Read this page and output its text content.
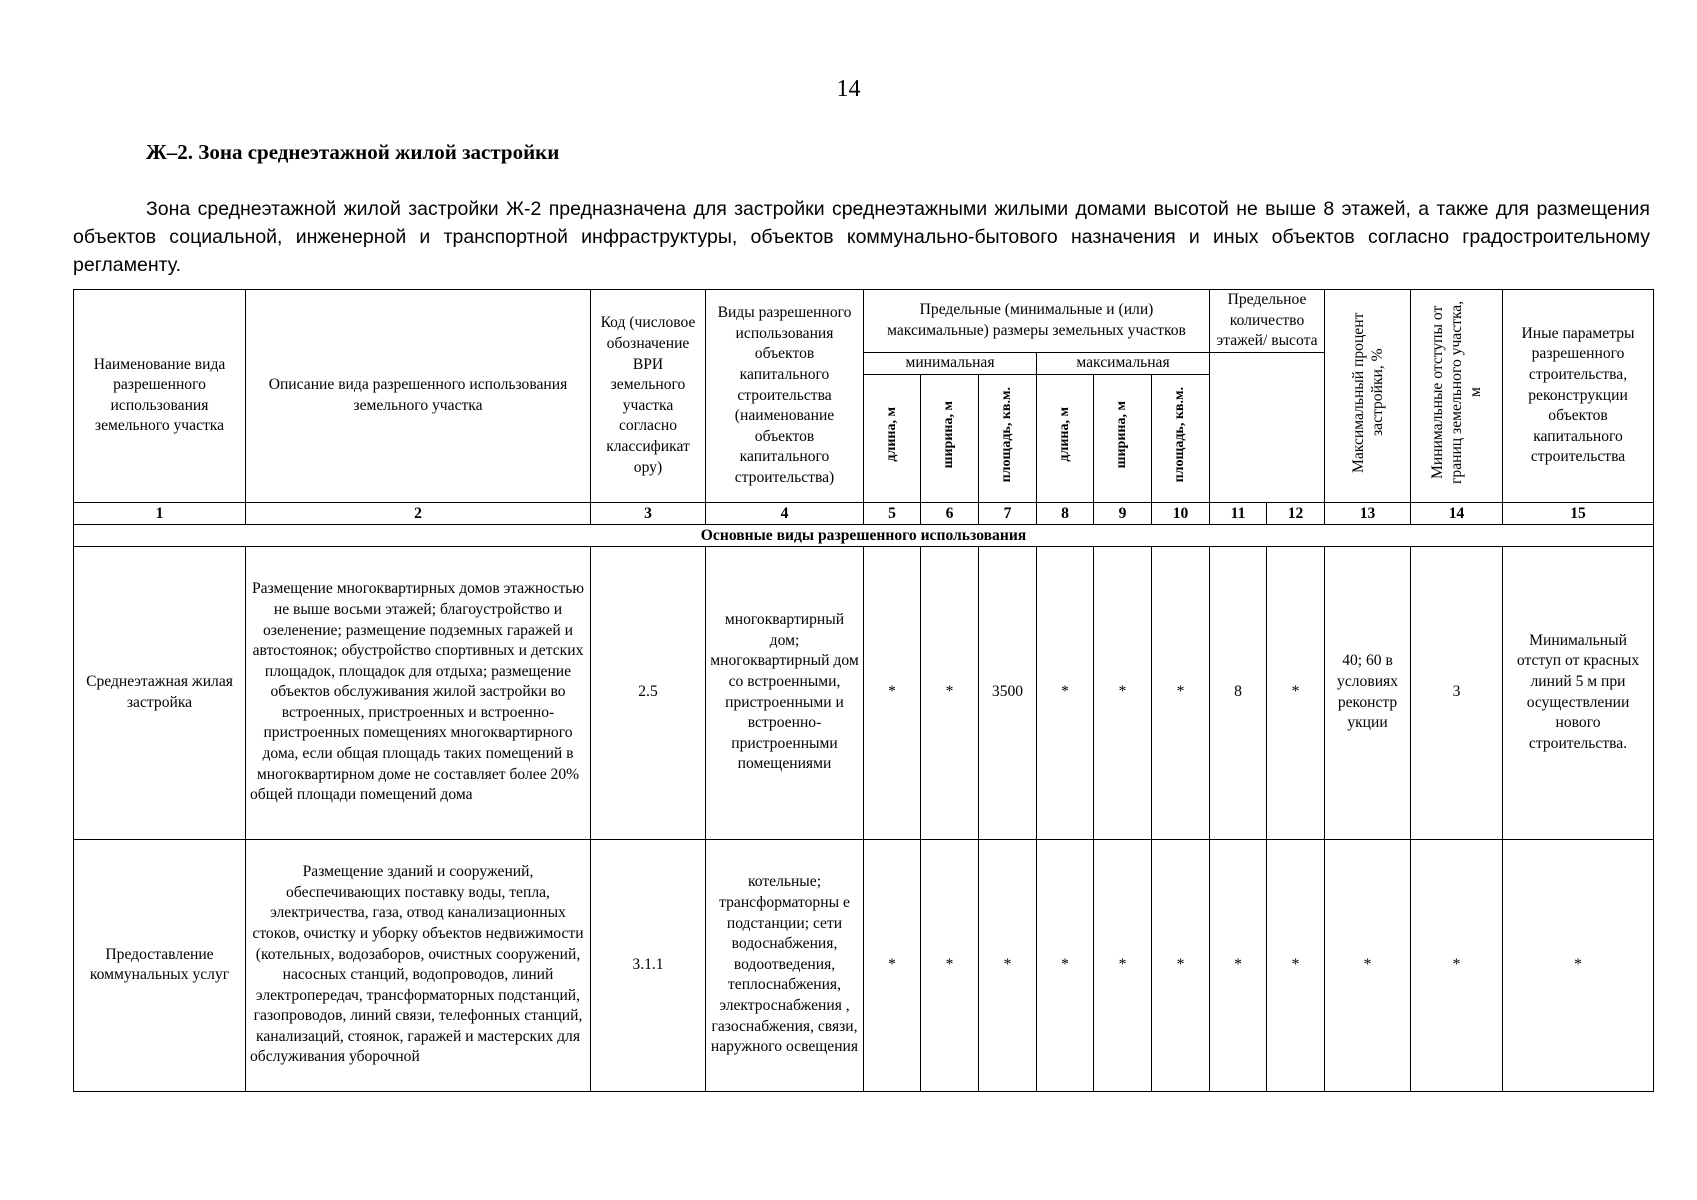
14
Ж–2. Зона среднеэтажной жилой застройки
Зона среднеэтажной жилой застройки Ж-2 предназначена для застройки среднеэтажными жилыми домами высотой не выше 8 этажей, а также для размещения объектов социальной, инженерной и транспортной инфраструктуры, объектов коммунально-бытового назначения и иных объектов согласно градостроительному регламенту.
Наименование вида разрешенного использования земельного участка	Описание вида разрешенного использования земельного участка	Код (числовое обозначение ВРИ земельного участка согласно классификат ору)	Виды разрешенного использования объектов капитального строительства (наименование объектов капитального строительства)	Предельные (минимальные и (или) максимальные) размеры земельных участков						Предельное количество этажей/ высота		Максимальный процент застройки, %	Минимальные отступы от границ земельного участка, м	Иные параметры разрешенного строительства, реконструкции объектов капитального строительства
				минимальная			максимальная							
				длина, м	ширина, м	площадь, кв.м.	длина, м	ширина, м	площадь, кв.м.					
1	2	3	4	5	6	7	8	9	10	11	12	13	14	15
Основные виды разрешенного использования														
Среднеэтажная жилая застройка	Размещение многоквартирных домов этажностью не выше восьми этажей; благоустройство и озеленение; размещение подземных гаражей и автостоянок; обустройство спортивных и детских площадок, площадок для отдыха; размещение объектов обслуживания жилой застройки во встроенных, пристроенных и встроенно-пристроенных помещениях многоквартирного дома, если общая площадь таких помещений в многоквартирном доме не составляет более 20% общей площади помещений дома	2.5	многоквартирный дом; многоквартирный дом со встроенными, пристроенными и встроенно-пристроенными помещениями	*	*	3500	*	*	*	8	*	40; 60 в условиях реконстр укции	3	Минимальный отступ от красных линий 5 м при осуществлении нового строительства.
Предоставление коммунальных услуг	Размещение зданий и сооружений, обеспечивающих поставку воды, тепла, электричества, газа, отвод канализационных стоков, очистку и уборку объектов недвижимости (котельных, водозаборов, очистных сооружений, насосных станций, водопроводов, линий электропередач, трансформаторных подстанций, газопроводов, линий связи, телефонных станций, канализаций, стоянок, гаражей и мастерских для обслуживания уборочной	3.1.1	котельные; трансформаторны е подстанции; сети водоснабжения, водоотведения, теплоснабжения, электроснабжения , газоснабжения, связи, наружного освещения	*	*	*	*	*	*	*	*	*	*	*
